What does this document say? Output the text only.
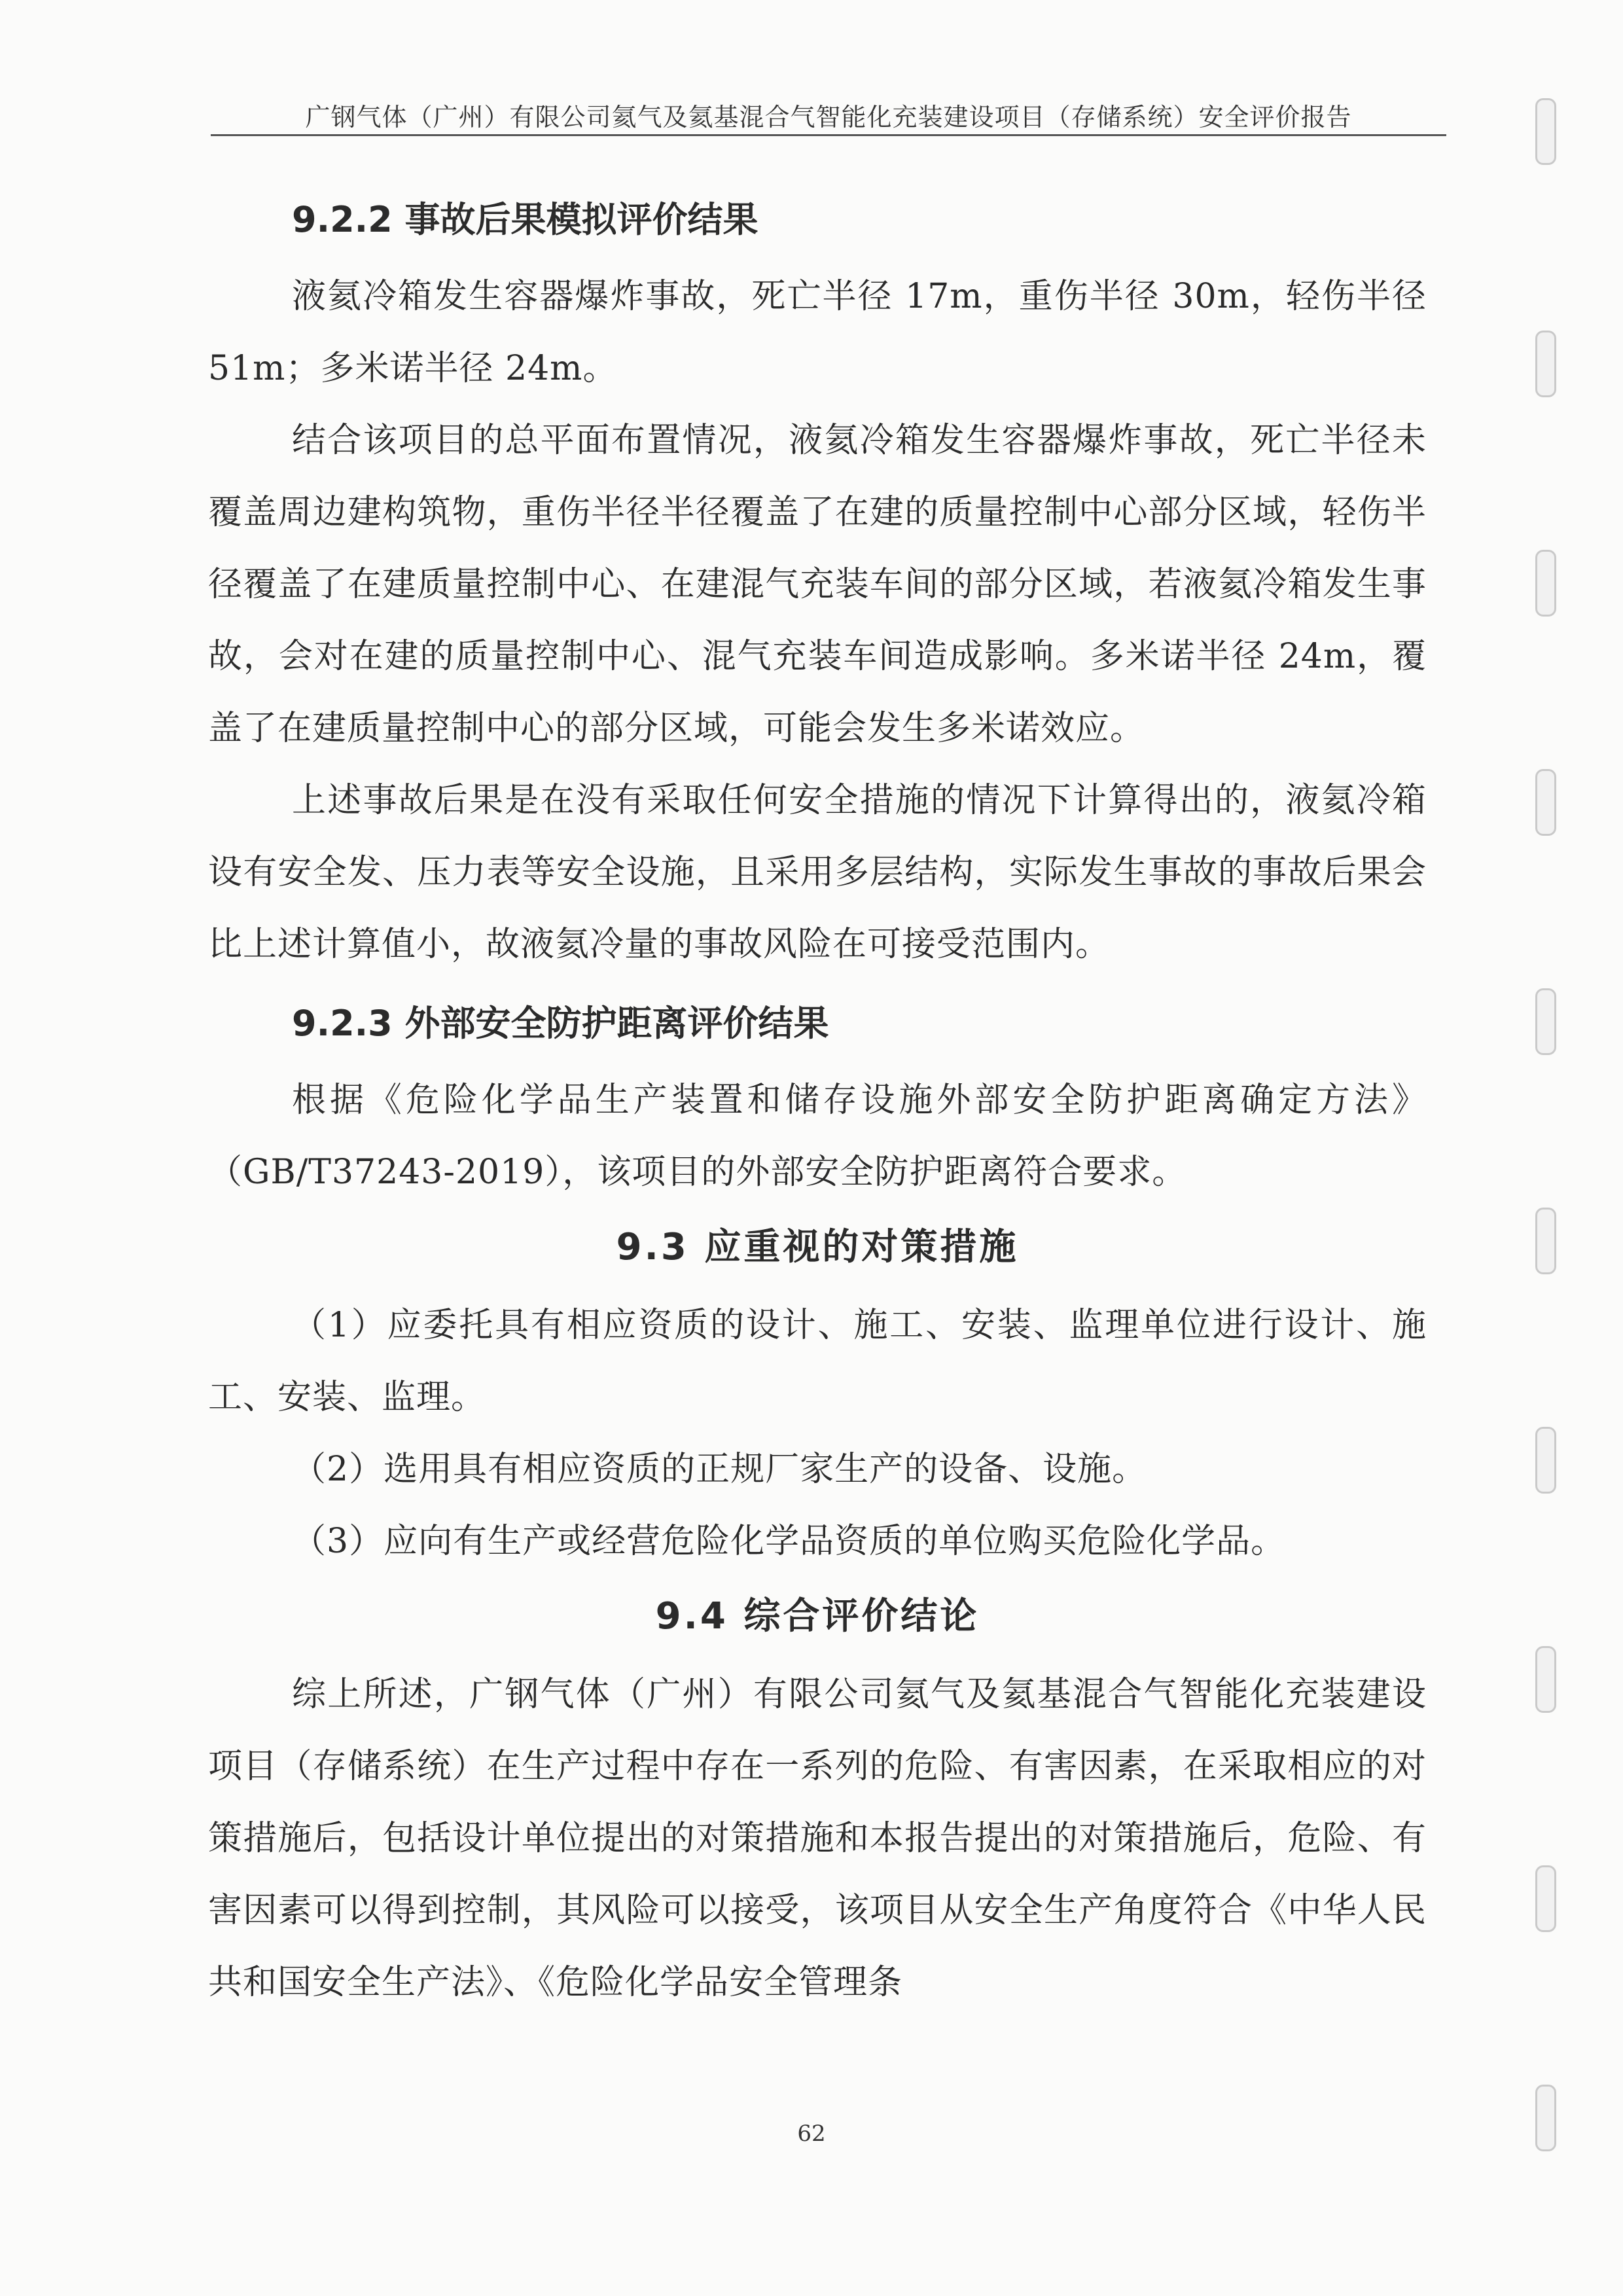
广钢气体（广州）有限公司氦气及氦基混合气智能化充装建设项目（存储系统）安全评价报告
9.2.2 事故后果模拟评价结果

液氦冷箱发生容器爆炸事故，死亡半径 17m，重伤半径 30m，轻伤半径51m；多米诺半径 24m。

结合该项目的总平面布置情况，液氦冷箱发生容器爆炸事故，死亡半径未覆盖周边建构筑物，重伤半径半径覆盖了在建的质量控制中心部分区域，轻伤半径覆盖了在建质量控制中心、在建混气充装车间的部分区域，若液氦冷箱发生事故，会对在建的质量控制中心、混气充装车间造成影响。多米诺半径 24m，覆盖了在建质量控制中心的部分区域，可能会发生多米诺效应。

上述事故后果是在没有采取任何安全措施的情况下计算得出的，液氦冷箱设有安全发、压力表等安全设施，且采用多层结构，实际发生事故的事故后果会比上述计算值小，故液氦冷量的事故风险在可接受范围内。

9.2.3 外部安全防护距离评价结果

根据《危险化学品生产装置和储存设施外部安全防护距离确定方法》（GB/T37243-2019），该项目的外部安全防护距离符合要求。

9.3 应重视的对策措施

（1）应委托具有相应资质的设计、施工、安装、监理单位进行设计、施工、安装、监理。

（2）选用具有相应资质的正规厂家生产的设备、设施。

（3）应向有生产或经营危险化学品资质的单位购买危险化学品。

9.4 综合评价结论

综上所述，广钢气体（广州）有限公司氦气及氦基混合气智能化充装建设项目（存储系统）在生产过程中存在一系列的危险、有害因素，在采取相应的对策措施后，包括设计单位提出的对策措施和本报告提出的对策措施后，危险、有害因素可以得到控制，其风险可以接受，该项目从安全生产角度符合《中华人民共和国安全生产法》、《危险化学品安全管理条

62
